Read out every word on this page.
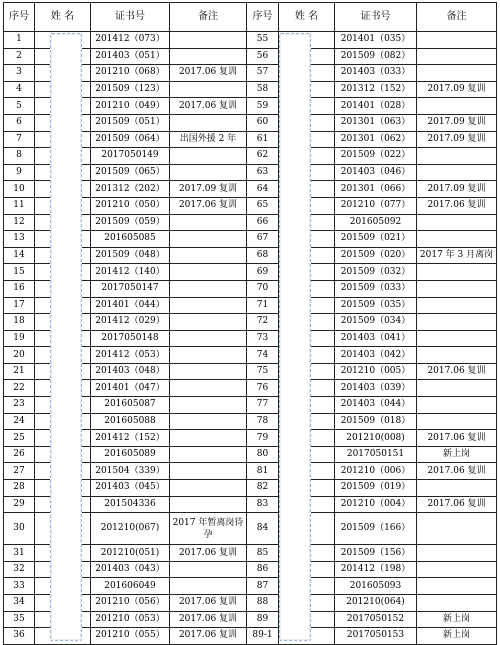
序号	姓 名	证书号	备注	序号	姓 名	证书号	备注
1		201412（073）		55		201401（035）	
2		201403（051）		56		201509（082）	
3		201210（068）	2017.06 复训	57		201403（033）	
4		201509（123）		58		201312（152）	2017.09 复训
5		201210（049）	2017.06 复训	59		201401（028）	
6		201509（051）		60		201301（063）	2017.09 复训
7		201509（064）	出国外援 2 年	61		201301（062）	2017.09 复训
8		2017050149		62		201509（022）	
9		201509（065）		63		201403（046）	
10		201312（202）	2017.09 复训	64		201301（066）	2017.09 复训
11		201210（050）	2017.06 复训	65		201210（077）	2017.06 复训
12		201509（059）		66		201605092	
13		201605085		67		201509（021）	
14		201509（048）		68		201509（020）	2017 年 3 月离岗
15		201412（140）		69		201509（032）	
16		2017050147		70		201509（033）	
17		201401（044）		71		201509（035）	
18		201412（029）		72		201509（034）	
19		2017050148		73		201403（041）	
20		201412（053）		74		201403（042）	
21		201403（048）		75		201210（005）	2017.06 复训
22		201401（047）		76		201403（039）	
23		201605087		77		201403（044）	
24		201605088		78		201509（018）	
25		201412（152）		79		201210(008)	2017.06 复训
26		201605089		80		2017050151	新上岗
27		201504（339）		81		201210（006）	2017.06 复训
28		201403（045）		82		201509（019）	
29		201504336		83		201210（004）	2017.06 复训
30		201210(067)	2017 年暂离岗待孕	84		201509（166）	
31		201210(051)	2017.06 复训	85		201509（156）	
32		201403（043）		86		201412（198）	
33		201606049		87		201605093	
34		201210（056）	2017.06 复训	88		201210(064)	
35		201210（053）	2017.06 复训	89		2017050152	新上岗
36		201210（055）	2017.06 复训	89-1		2017050153	新上岗
